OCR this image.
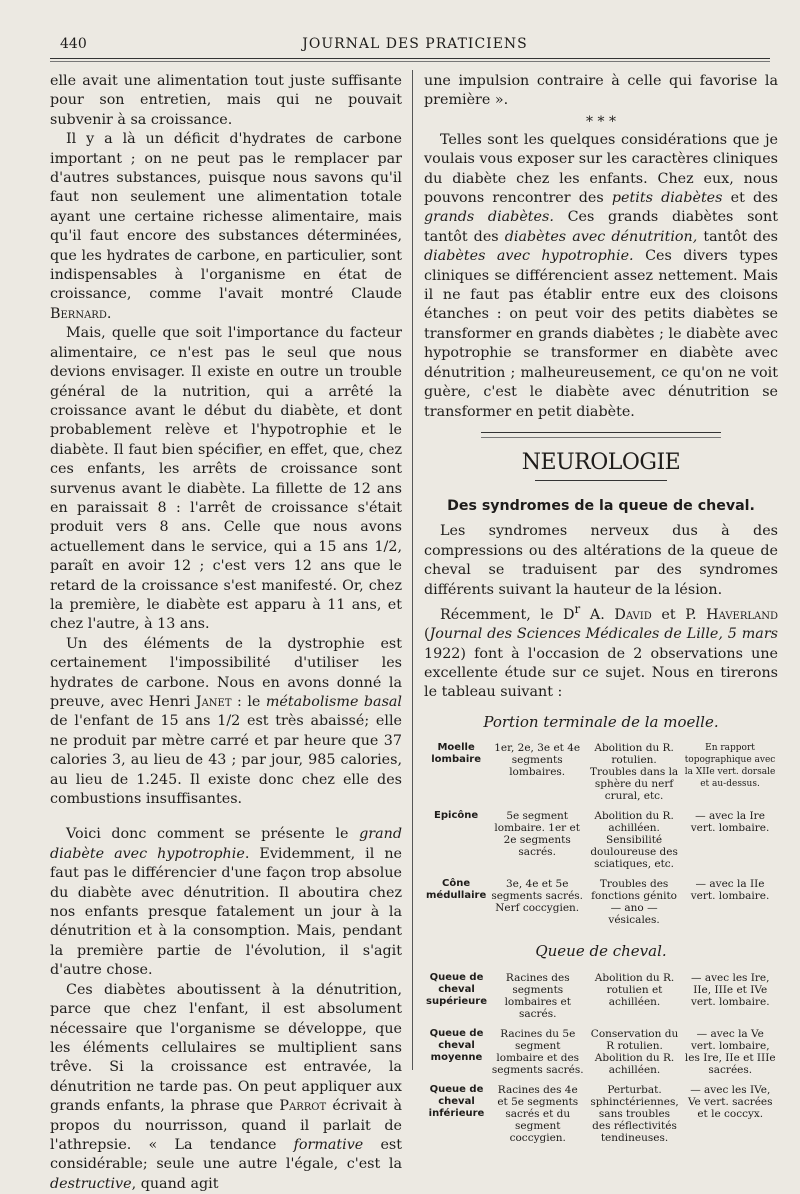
440	JOURNAL DES PRATICIENS

elle avait une alimentation tout juste suffisante pour son entretien, mais qui ne pouvait subvenir à sa croissance.

Il y a là un déficit d'hydrates de carbone important ; on ne peut pas le remplacer par d'autres substances, puisque nous savons qu'il faut non seulement une alimentation totale ayant une certaine richesse alimentaire, mais qu'il faut encore des substances déterminées, que les hydrates de carbone, en particulier, sont indispensables à l'organisme en état de croissance, comme l'avait montré Claude Bernard.

Mais, quelle que soit l'importance du facteur alimentaire, ce n'est pas le seul que nous devions envisager. Il existe en outre un trouble général de la nutrition, qui a arrêté la croissance avant le début du diabète, et dont probablement relève et l'hypotrophie et le diabète. Il faut bien spécifier, en effet, que, chez ces enfants, les arrêts de croissance sont survenus avant le diabète. La fillette de 12 ans en paraissait 8 : l'arrêt de croissance s'était produit vers 8 ans. Celle que nous avons actuellement dans le service, qui a 15 ans 1/2, paraît en avoir 12 ; c'est vers 12 ans que le retard de la croissance s'est manifesté. Or, chez la première, le diabète est apparu à 11 ans, et chez l'autre, à 13 ans.

Un des éléments de la dystrophie est certainement l'impossibilité d'utiliser les hydrates de carbone. Nous en avons donné la preuve, avec Henri Janet : le métabolisme basal de l'enfant de 15 ans 1/2 est très abaissé; elle ne produit par mètre carré et par heure que 37 calories 3, au lieu de 43 ; par jour, 985 calories, au lieu de 1.245. Il existe donc chez elle des combustions insuffisantes.

Voici donc comment se présente le grand diabète avec hypotrophie. Evidemment, il ne faut pas le différencier d'une façon trop absolue du diabète avec dénutrition. Il aboutira chez nos enfants presque fatalement un jour à la dénutrition et à la consomption. Mais, pendant la première partie de l'évolution, il s'agit d'autre chose.

Ces diabètes aboutissent à la dénutrition, parce que chez l'enfant, il est absolument nécessaire que l'organisme se développe, que les éléments cellulaires se multiplient sans trêve. Si la croissance est entravée, la dénutrition ne tarde pas. On peut appliquer aux grands enfants, la phrase que Parrot écrivait à propos du nourrisson, quand il parlait de l'athrepsie. « La tendance formative est considérable; seule une autre l'égale, c'est la destructive, quand agit

une impulsion contraire à celle qui favorise la première ».

* * *

Telles sont les quelques considérations que je voulais vous exposer sur les caractères cliniques du diabète chez les enfants. Chez eux, nous pouvons rencontrer des petits diabètes et des grands diabètes. Ces grands diabètes sont tantôt des diabètes avec dénutrition, tantôt des diabètes avec hypotrophie. Ces divers types cliniques se différencient assez nettement. Mais il ne faut pas établir entre eux des cloisons étanches : on peut voir des petits diabètes se transformer en grands diabètes ; le diabète avec hypotrophie se transformer en diabète avec dénutrition ; malheureusement, ce qu'on ne voit guère, c'est le diabète avec dénutrition se transformer en petit diabète.

NEUROLOGIE
Des syndromes de la queue de cheval.

Les syndromes nerveux dus à des compressions ou des altérations de la queue de cheval se traduisent par des syndromes différents suivant la hauteur de la lésion.

Récemment, le $D^r$ A. David et P. Haverland (Journal des Sciences Médicales de Lille, 5 mars 1922) font à l'occasion de 2 observations une excellente étude sur ce sujet. Nous en tirerons le tableau suivant :

Portion terminale de la moelle.
Moelle lombaire	1er, 2e, 3e et 4e segments lombaires.	Abolition du R. rotulien. Troubles dans la sphère du nerf crural, etc.	En rapport topographique avec la XIIe vert. dorsale et au-dessus.
Epicône	5e segment lombaire. 1er et 2e segments sacrés.	Abolition du R. achilléen. Sensibilité douloureuse des sciatiques, etc.	— avec la Ire vert. lombaire.
Cône médullaire	3e, 4e et 5e segments sacrés. Nerf coccygien.	Troubles des fonctions génito — ano — vésicales.	— avec la IIe vert. lombaire.
Queue de cheval.
Queue de cheval supérieure	Racines des segments lombaires et sacrés.	Abolition du R. rotulien et achilléen.	— avec les Ire, IIe, IIIe et IVe vert. lombaire.
Queue de cheval moyenne	Racines du 5e segment lombaire et des segments sacrés.	Conservation du R rotulien. Abolition du R. achilléen.	— avec la Ve vert. lombaire, les Ire, IIe et IIIe sacrées.
Queue de cheval inférieure	Racines des 4e et 5e segments sacrés et du segment coccygien.	Perturbat. sphinctériennes, sans troubles des réflectivités tendineuses.	— avec les IVe, Ve vert. sacrées et le coccyx.
